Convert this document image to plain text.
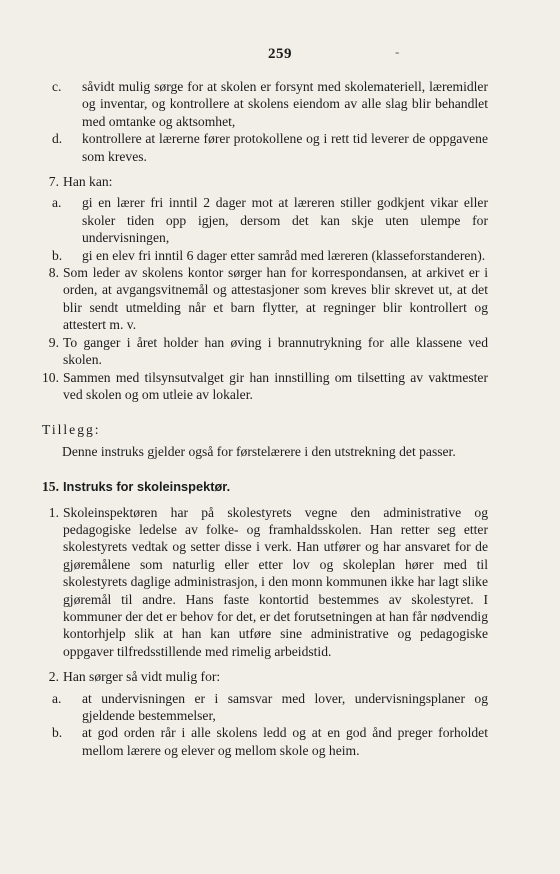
259	-
c.	såvidt mulig sørge for at skolen er forsynt med skolemateriell, læremidler og inventar, og kontrollere at skolens eiendom av alle slag blir behandlet med omtanke og aktsomhet,
d.	kontrollere at lærerne fører protokollene og i rett tid leverer de oppgavene som kreves.
7. Han kan:
a.	gi en lærer fri inntil 2 dager mot at læreren stiller godkjent vikar eller skoler tiden opp igjen, dersom det kan skje uten ulempe for undervisningen,
b.	gi en elev fri inntil 6 dager etter samråd med læreren (klasseforstanderen).
8. Som leder av skolens kontor sørger han for korrespondansen, at arkivet er i orden, at avgangsvitnemål og attestasjoner som kreves blir skrevet ut, at det blir sendt utmelding når et barn flytter, at regninger blir kontrollert og attestert m. v.
9. To ganger i året holder han øving i brannutrykning for alle klassene ved skolen.
10. Sammen med tilsynsutvalget gir han innstilling om tilsetting av vaktmester ved skolen og om utleie av lokaler.
Tillegg:
Denne instruks gjelder også for førstelærere i den utstrekning det passer.
15. Instruks for skoleinspektør.
1. Skoleinspektøren har på skolestyrets vegne den administrative og pedagogiske ledelse av folke- og framhaldsskolen. Han retter seg etter skolestyrets vedtak og setter disse i verk. Han utfører og har ansvaret for de gjøremålene som naturlig eller etter lov og skoleplan hører med til skolestyrets daglige administrasjon, i den monn kommunen ikke har lagt slike gjøremål til andre. Hans faste kontortid bestemmes av skolestyret. I kommuner der det er behov for det, er det forutsetningen at han får nødvendig kontorhjelp slik at han kan utføre sine administrative og pedagogiske oppgaver tilfredsstillende med rimelig arbeidstid.
2. Han sørger så vidt mulig for:
a.	at undervisningen er i samsvar med lover, undervisningsplaner og gjeldende bestemmelser,
b.	at god orden rår i alle skolens ledd og at en god ånd preger forholdet mellom lærere og elever og mellom skole og heim.
